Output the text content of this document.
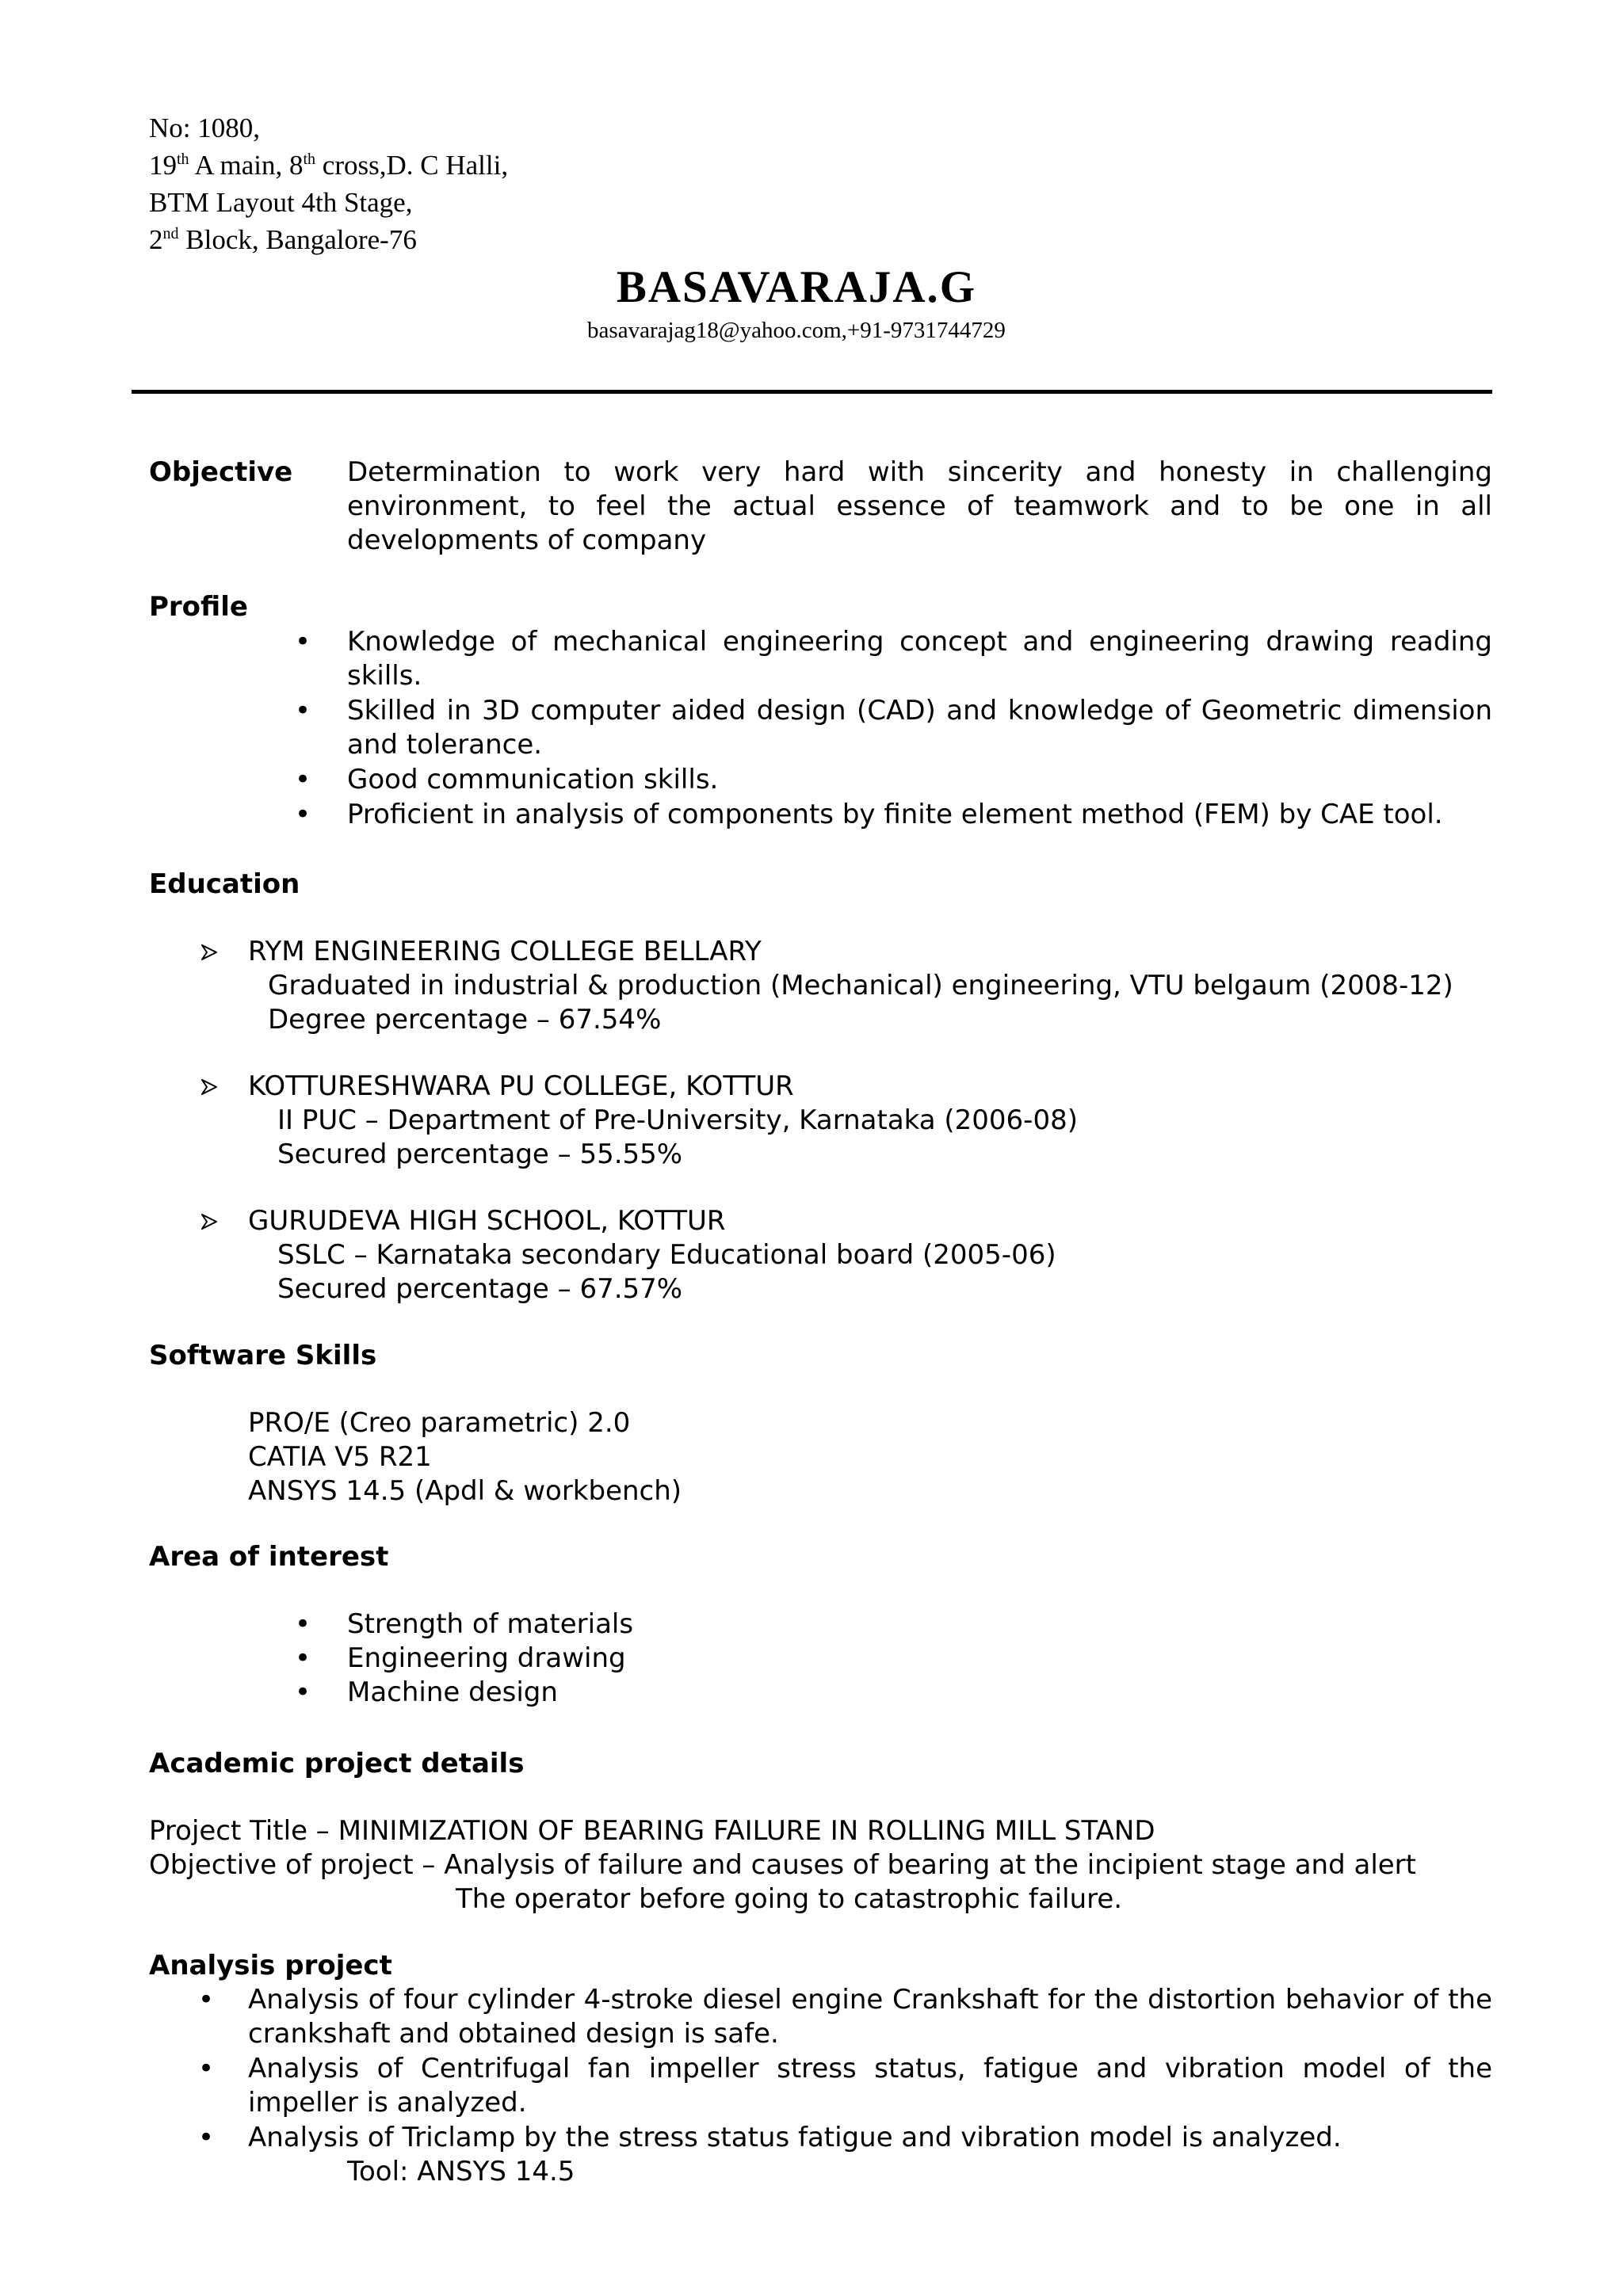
No: 1080,
19th A main, 8th cross,D. C Halli,
BTM Layout 4th Stage,
2nd Block, Bangalore-76
BASAVARAJA.G
basavarajag18@yahoo.com,+91-9731744729
Objective Determination to work very hard with sincerity and honesty in challenging environment, to feel the actual essence of teamwork and to be one in all developments of company
Profile
• Knowledge of mechanical engineering concept and engineering drawing reading skills.
• Skilled in 3D computer aided design (CAD) and knowledge of Geometric dimension and tolerance.
• Good communication skills.
• Proficient in analysis of components by finite element method (FEM) by CAE tool.
Education
RYM ENGINEERING COLLEGE BELLARY
Graduated in industrial & production (Mechanical) engineering, VTU belgaum (2008-12)
Degree percentage – 67.54%
KOTTURESHWARA PU COLLEGE, KOTTUR
II PUC – Department of Pre-University, Karnataka (2006-08)
Secured percentage – 55.55%
GURUDEVA HIGH SCHOOL, KOTTUR
SSLC – Karnataka secondary Educational board (2005-06)
Secured percentage – 67.57%
Software Skills
PRO/E (Creo parametric) 2.0
CATIA V5 R21
ANSYS 14.5 (Apdl & workbench)
Area of interest
• Strength of materials
• Engineering drawing
• Machine design
Academic project details
Project Title – MINIMIZATION OF BEARING FAILURE IN ROLLING MILL STAND
Objective of project – Analysis of failure and causes of bearing at the incipient stage and alert
The operator before going to catastrophic failure.
Analysis project
• Analysis of four cylinder 4-stroke diesel engine Crankshaft for the distortion behavior of the crankshaft and obtained design is safe.
• Analysis of Centrifugal fan impeller stress status, fatigue and vibration model of the impeller is analyzed.
• Analysis of Triclamp by the stress status fatigue and vibration model is analyzed.
Tool: ANSYS 14.5
